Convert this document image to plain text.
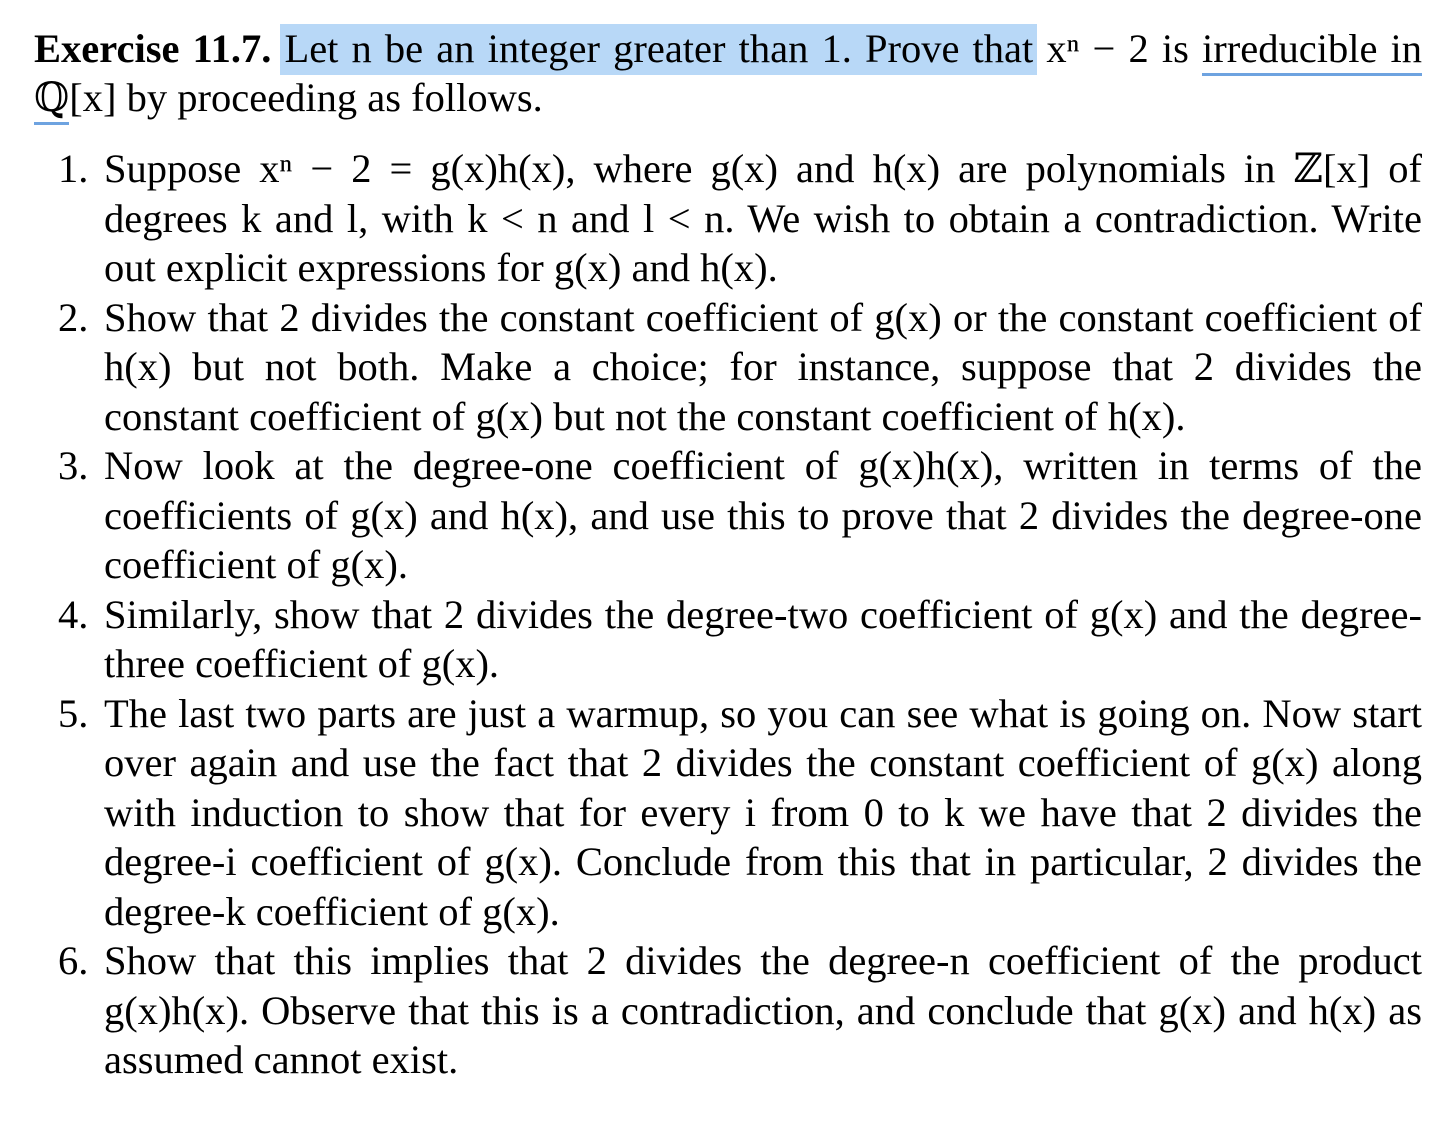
Exercise 11.7. Let n be an integer greater than 1. Prove that xⁿ − 2 is irreducible in ℚ[x] by proceeding as follows.

1. Suppose xⁿ − 2 = g(x)h(x), where g(x) and h(x) are polynomials in ℤ[x] of degrees k and l, with k < n and l < n. We wish to obtain a contradiction. Write out explicit expressions for g(x) and h(x).
2. Show that 2 divides the constant coefficient of g(x) or the constant coefficient of h(x) but not both. Make a choice; for instance, suppose that 2 divides the constant coefficient of g(x) but not the constant coefficient of h(x).
3. Now look at the degree-one coefficient of g(x)h(x), written in terms of the coefficients of g(x) and h(x), and use this to prove that 2 divides the degree-one coefficient of g(x).
4. Similarly, show that 2 divides the degree-two coefficient of g(x) and the degree-three coefficient of g(x).
5. The last two parts are just a warmup, so you can see what is going on. Now start over again and use the fact that 2 divides the constant coefficient of g(x) along with induction to show that for every i from 0 to k we have that 2 divides the degree-i coefficient of g(x). Conclude from this that in particular, 2 divides the degree-k coefficient of g(x).
6. Show that this implies that 2 divides the degree-n coefficient of the product g(x)h(x). Observe that this is a contradiction, and conclude that g(x) and h(x) as assumed cannot exist.
